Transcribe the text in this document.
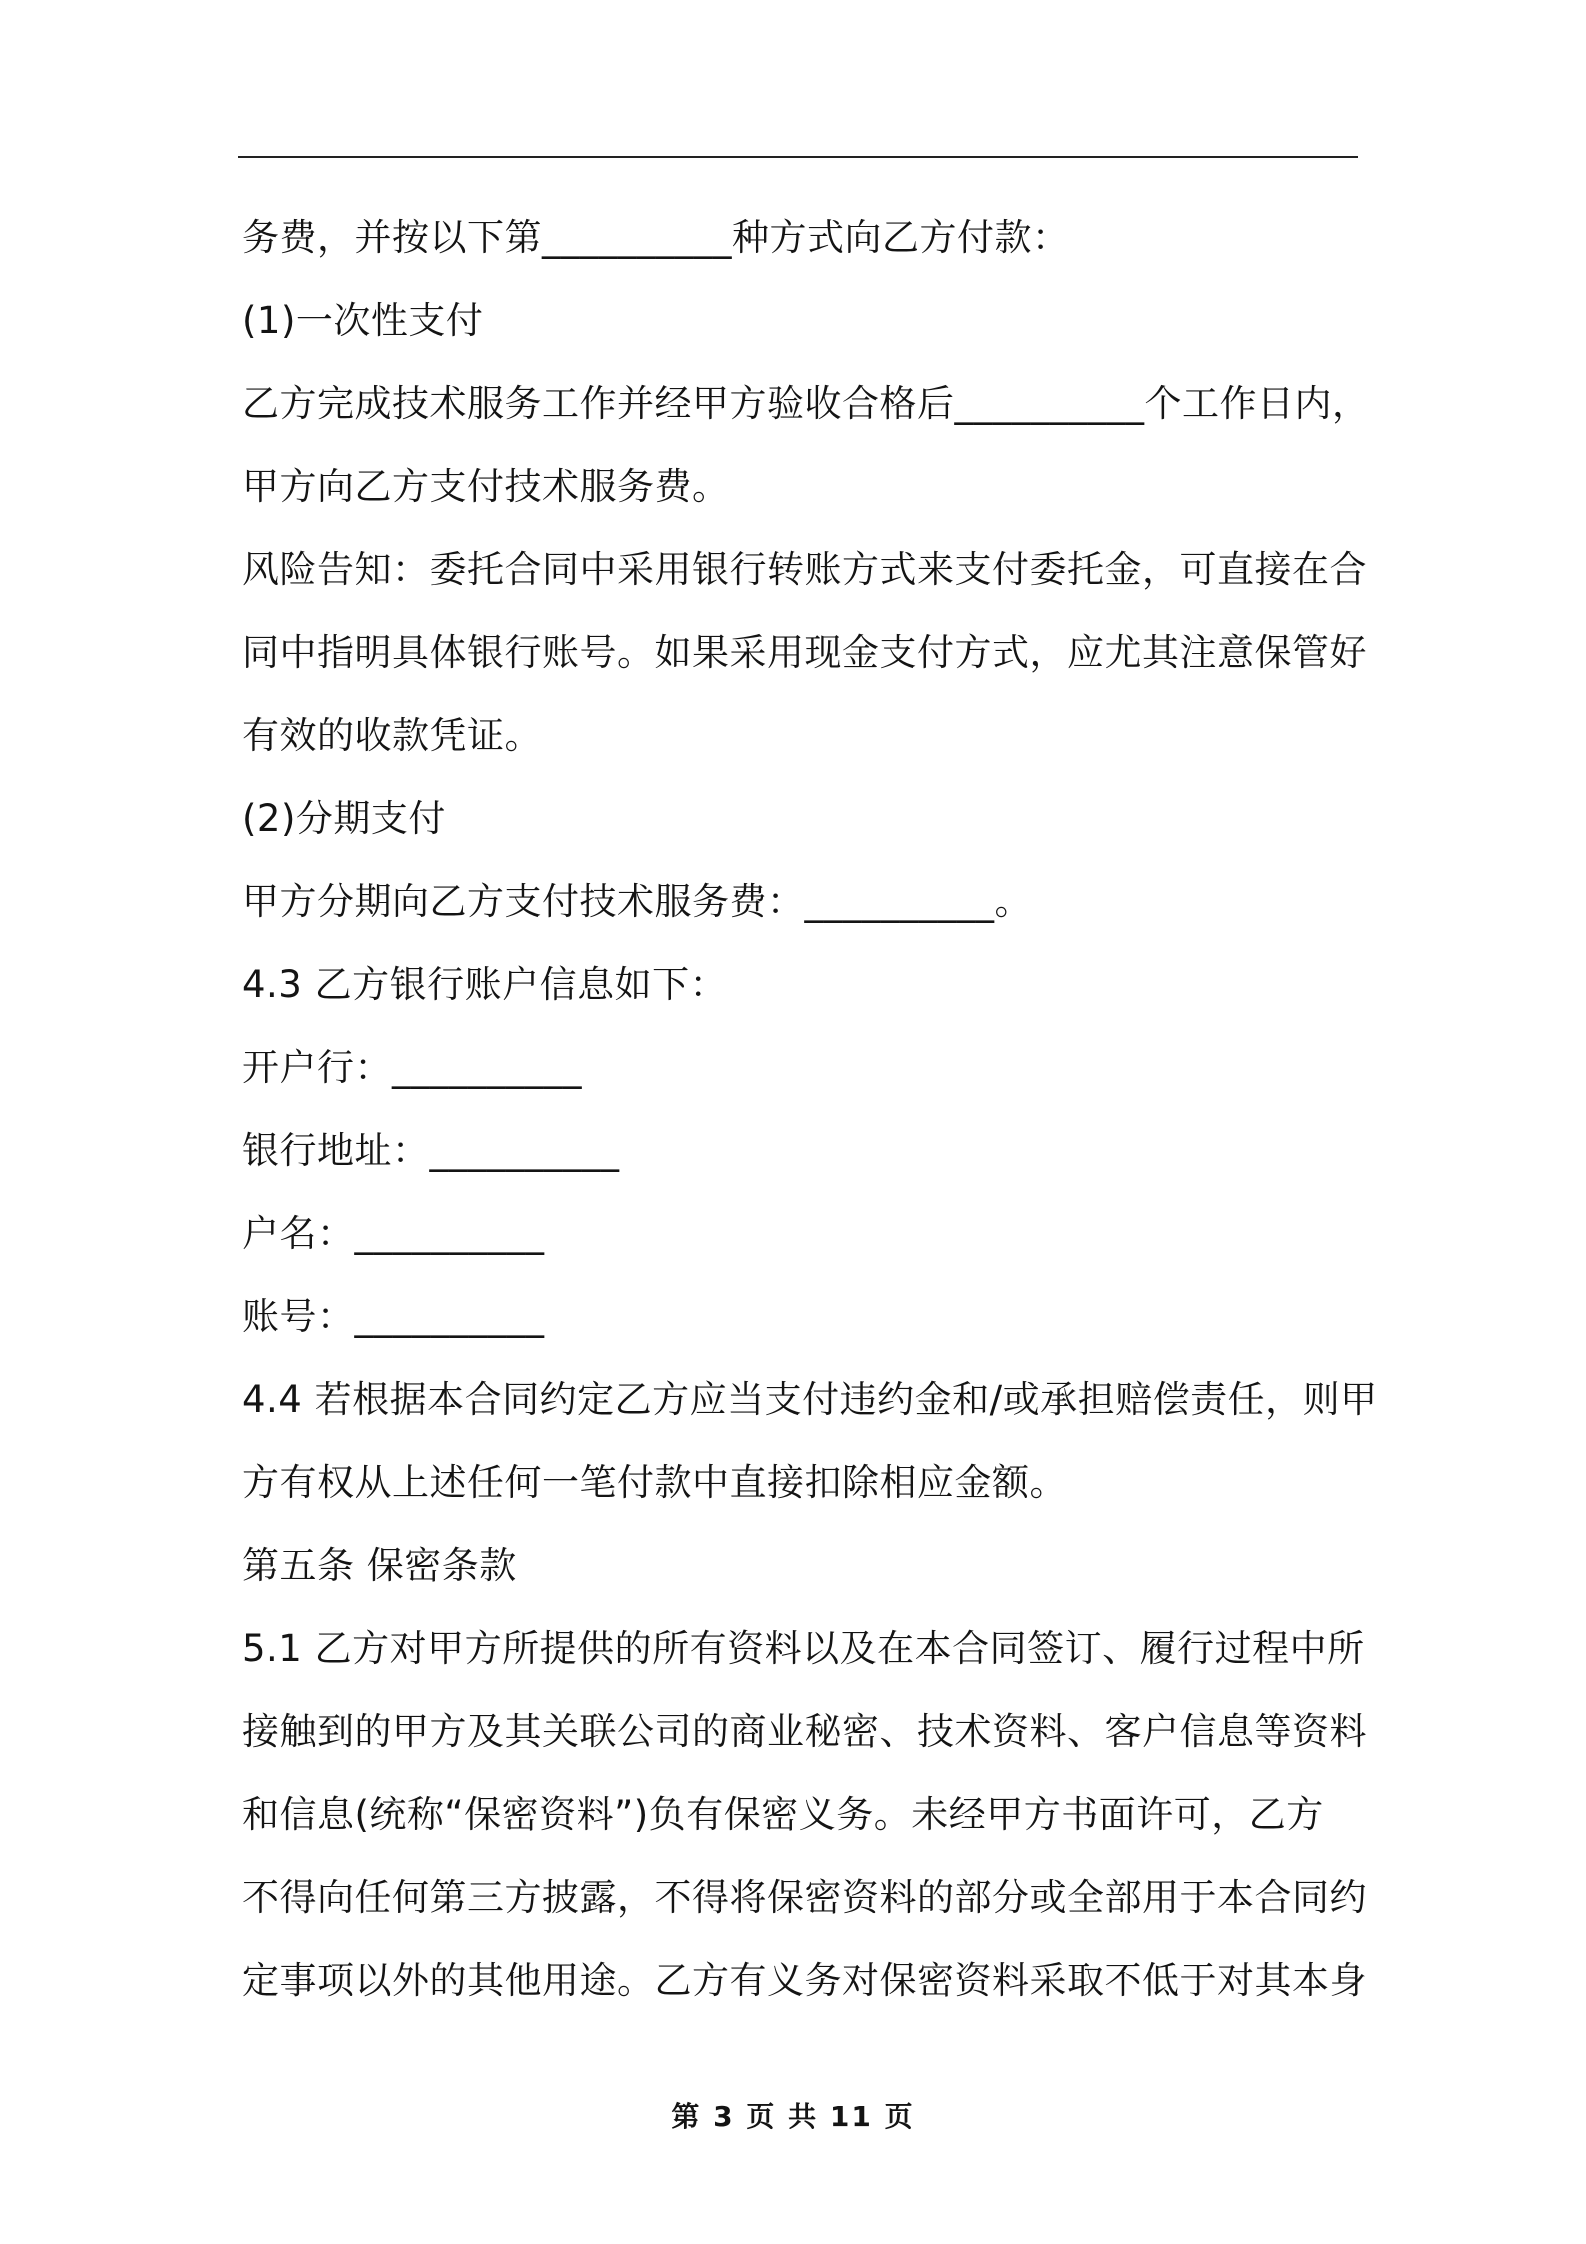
务费，并按以下第__________种方式向乙方付款：
(1)一次性支付
乙方完成技术服务工作并经甲方验收合格后__________个工作日内，
甲方向乙方支付技术服务费。
风险告知：委托合同中采用银行转账方式来支付委托金，可直接在合
同中指明具体银行账号。如果采用现金支付方式，应尤其注意保管好
有效的收款凭证。
(2)分期支付
甲方分期向乙方支付技术服务费：__________。
4.3 乙方银行账户信息如下：
开户行：__________
银行地址：__________
户名：__________
账号：__________
4.4 若根据本合同约定乙方应当支付违约金和/或承担赔偿责任，则甲
方有权从上述任何一笔付款中直接扣除相应金额。
第五条 保密条款
5.1 乙方对甲方所提供的所有资料以及在本合同签订、履行过程中所
接触到的甲方及其关联公司的商业秘密、技术资料、客户信息等资料
和信息(统称“保密资料”)负有保密义务。未经甲方书面许可，乙方
不得向任何第三方披露，不得将保密资料的部分或全部用于本合同约
定事项以外的其他用途。乙方有义务对保密资料采取不低于对其本身
第 3 页 共 11 页
